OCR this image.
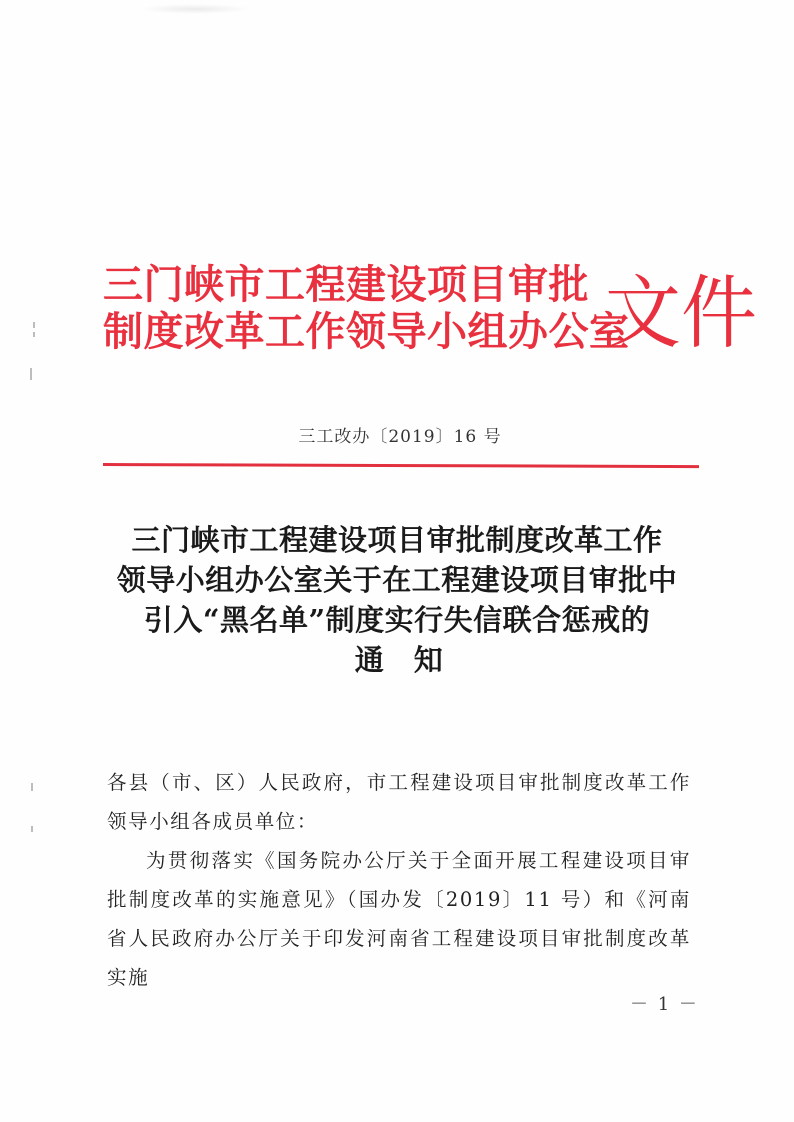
三门峡市工程建设项目审批
制度改革工作领导小组办公室
文件
三工改办〔2019〕16 号
三门峡市工程建设项目审批制度改革工作
领导小组办公室关于在工程建设项目审批中
引入“黑名单”制度实行失信联合惩戒的
通　知

各县（市、区）人民政府，市工程建设项目审批制度改革工作领导小组各成员单位：

为贯彻落实《国务院办公厅关于全面开展工程建设项目审批制度改革的实施意见》（国办发〔2019〕11 号）和《河南省人民政府办公厅关于印发河南省工程建设项目审批制度改革实施

－ 1 －
